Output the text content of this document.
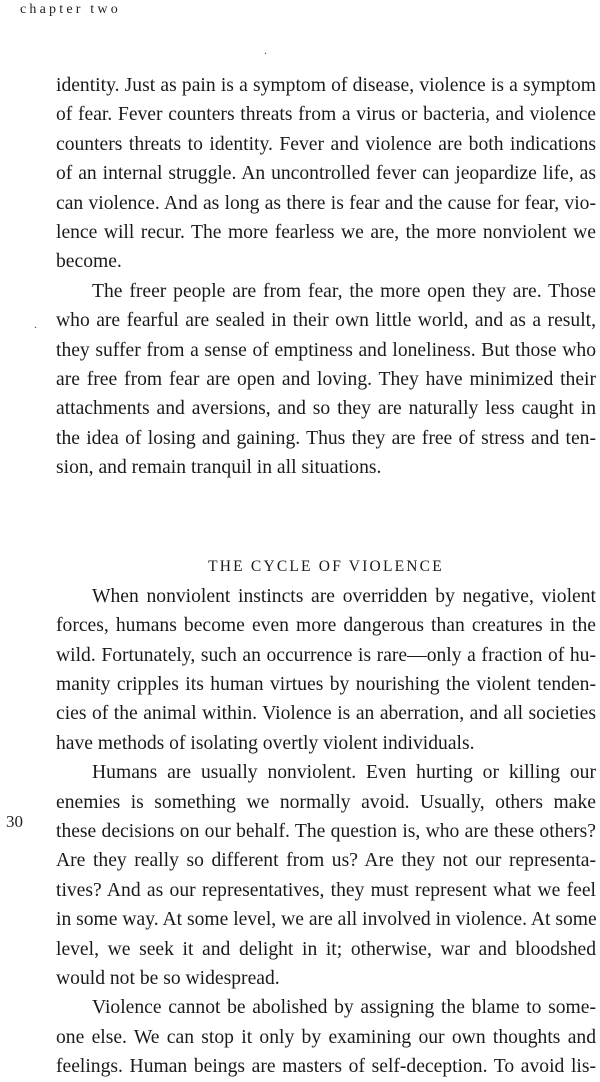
chapter two
.
.
30
identity. Just as pain is a symptom of disease, violence is a symptom
of fear. Fever counters threats from a virus or bacteria, and violence
counters threats to identity. Fever and violence are both indications
of an internal struggle. An uncontrolled fever can jeopardize life, as
can violence. And as long as there is fear and the cause for fear, vio-
lence will recur. The more fearless we are, the more nonviolent we
become.
The freer people are from fear, the more open they are. Those
who are fearful are sealed in their own little world, and as a result,
they suffer from a sense of emptiness and loneliness. But those who
are free from fear are open and loving. They have minimized their
attachments and aversions, and so they are naturally less caught in
the idea of losing and gaining. Thus they are free of stress and ten-
sion, and remain tranquil in all situations.
THE CYCLE OF VIOLENCE
When nonviolent instincts are overridden by negative, violent
forces, humans become even more dangerous than creatures in the
wild. Fortunately, such an occurrence is rare—only a fraction of hu-
manity cripples its human virtues by nourishing the violent tenden-
cies of the animal within. Violence is an aberration, and all societies
have methods of isolating overtly violent individuals.
Humans are usually nonviolent. Even hurting or killing our
enemies is something we normally avoid. Usually, others make
these decisions on our behalf. The question is, who are these others?
Are they really so different from us? Are they not our representa-
tives? And as our representatives, they must represent what we feel
in some way. At some level, we are all involved in violence. At some
level, we seek it and delight in it; otherwise, war and bloodshed
would not be so widespread.
Violence cannot be abolished by assigning the blame to some-
one else. We can stop it only by examining our own thoughts and
feelings. Human beings are masters of self-deception. To avoid lis-
